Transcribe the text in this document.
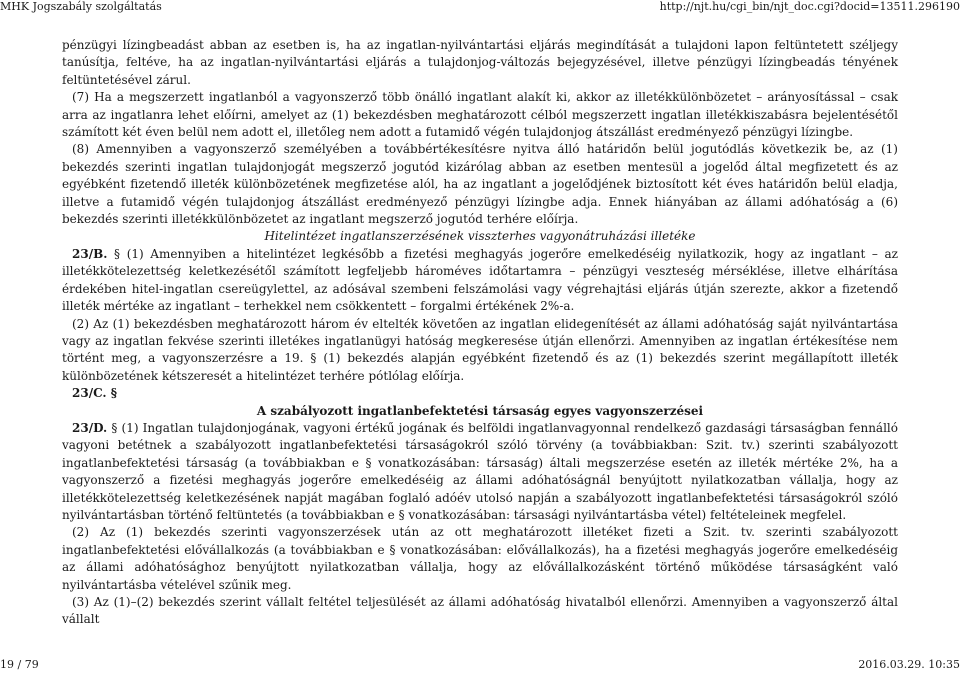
MHK Jogszabály szolgáltatás	http://njt.hu/cgi_bin/njt_doc.cgi?docid=13511.296190

pénzügyi lízingbeadást abban az esetben is, ha az ingatlan-nyilvántartási eljárás megindítását a tulajdoni lapon feltüntetett széljegy tanúsítja, feltéve, ha az ingatlan-nyilvántartási eljárás a tulajdonjog-változás bejegyzésével, illetve pénzügyi lízingbeadás tényének feltüntetésével zárul.

(7) Ha a megszerzett ingatlanból a vagyonszerző több önálló ingatlant alakít ki, akkor az illetékkülönbözetet – arányosítással – csak arra az ingatlanra lehet előírni, amelyet az (1) bekezdésben meghatározott célból megszerzett ingatlan illetékkiszabásra bejelentésétől számított két éven belül nem adott el, illetőleg nem adott a futamidő végén tulajdonjog átszállást eredményező pénzügyi lízingbe.

(8) Amennyiben a vagyonszerző személyében a továbbértékesítésre nyitva álló határidőn belül jogutódlás következik be, az (1) bekezdés szerinti ingatlan tulajdonjogát megszerző jogutód kizárólag abban az esetben mentesül a jogelőd által megfizetett és az egyébként fizetendő illeték különbözetének megfizetése alól, ha az ingatlant a jogelődjének biztosított két éves határidőn belül eladja, illetve a futamidő végén tulajdonjog átszállást eredményező pénzügyi lízingbe adja. Ennek hiányában az állami adóhatóság a (6) bekezdés szerinti illetékkülönbözetet az ingatlant megszerző jogutód terhére előírja.

Hitelintézet ingatlanszerzésének visszterhes vagyonátruházási illetéke

23/B. § (1) Amennyiben a hitelintézet legkésőbb a fizetési meghagyás jogerőre emelkedéséig nyilatkozik, hogy az ingatlant – az illetékkötelezettség keletkezésétől számított legfeljebb hároméves időtartamra – pénzügyi veszteség mérséklése, illetve elhárítása érdekében hitel-ingatlan csereügylettel, az adósával szembeni felszámolási vagy végrehajtási eljárás útján szerezte, akkor a fizetendő illeték mértéke az ingatlant – terhekkel nem csökkentett – forgalmi értékének 2%-a.

(2) Az (1) bekezdésben meghatározott három év eltelték követően az ingatlan elidegenítését az állami adóhatóság saját nyilvántartása vagy az ingatlan fekvése szerinti illetékes ingatlanügyi hatóság megkeresése útján ellenőrzi. Amennyiben az ingatlan értékesítése nem történt meg, a vagyonszerzésre a 19. § (1) bekezdés alapján egyébként fizetendő és az (1) bekezdés szerint megállapított illeték különbözetének kétszeresét a hitelintézet terhére pótlólag előírja.

23/C. §

A szabályozott ingatlanbefektetési társaság egyes vagyonszerzései

23/D. § (1) Ingatlan tulajdonjogának, vagyoni értékű jogának és belföldi ingatlanvagyonnal rendelkező gazdasági társaságban fennálló vagyoni betétnek a szabályozott ingatlanbefektetési társaságokról szóló törvény (a továbbiakban: Szit. tv.) szerinti szabályozott ingatlanbefektetési társaság (a továbbiakban e § vonatkozásában: társaság) általi megszerzése esetén az illeték mértéke 2%, ha a vagyonszerző a fizetési meghagyás jogerőre emelkedéséig az állami adóhatóságnál benyújtott nyilatkozatban vállalja, hogy az illetékkötelezettség keletkezésének napját magában foglaló adóév utolsó napján a szabályozott ingatlanbefektetési társaságokról szóló nyilvántartásban történő feltüntetés (a továbbiakban e § vonatkozásában: társasági nyilvántartásba vétel) feltételeinek megfelel.

(2) Az (1) bekezdés szerinti vagyonszerzések után az ott meghatározott illetéket fizeti a Szit. tv. szerinti szabályozott ingatlanbefektetési elővállalkozás (a továbbiakban e § vonatkozásában: elővállalkozás), ha a fizetési meghagyás jogerőre emelkedéséig az állami adóhatósághoz benyújtott nyilatkozatban vállalja, hogy az elővállalkozásként történő működése társaságként való nyilvántartásba vételével szűnik meg.

(3) Az (1)–(2) bekezdés szerint vállalt feltétel teljesülését az állami adóhatóság hivatalból ellenőrzi. Amennyiben a vagyonszerző által vállalt

19 / 79	2016.03.29. 10:35
